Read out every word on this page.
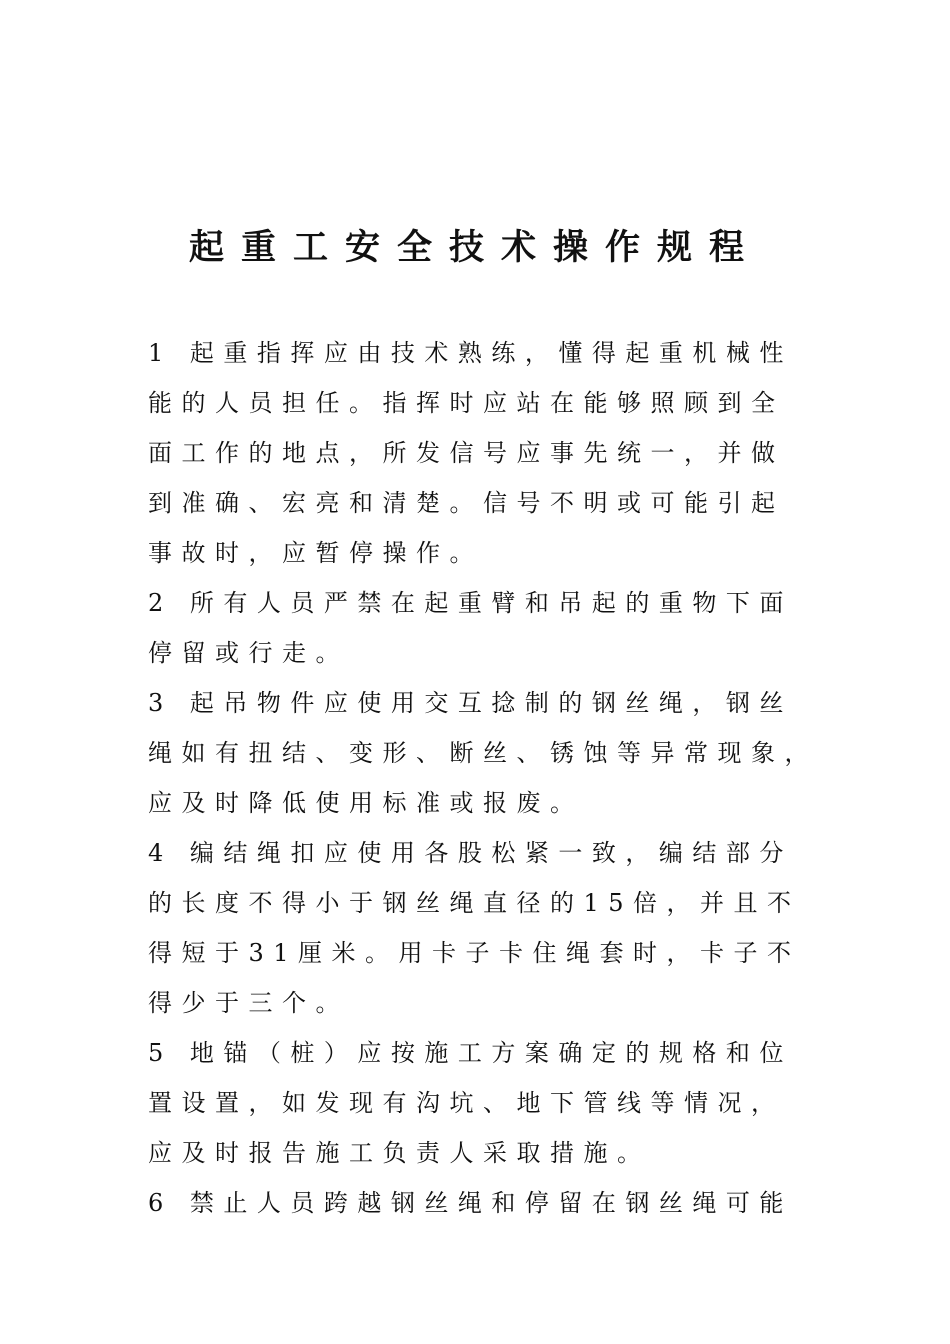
起重工安全技术操作规程
1 起重指挥应由技术熟练，懂得起重机械性
能的人员担任。指挥时应站在能够照顾到全
面工作的地点，所发信号应事先统一，并做
到准确、宏亮和清楚。信号不明或可能引起
事故时，应暂停操作。
2 所有人员严禁在起重臂和吊起的重物下面
停留或行走。
3 起吊物件应使用交互捻制的钢丝绳，钢丝
绳如有扭结、变形、断丝、锈蚀等异常现象，
应及时降低使用标准或报废。
4 编结绳扣应使用各股松紧一致，编结部分
的长度不得小于钢丝绳直径的15倍，并且不
得短于31厘米。用卡子卡住绳套时，卡子不
得少于三个。
5 地锚（桩）应按施工方案确定的规格和位
置设置，如发现有沟坑、地下管线等情况，
应及时报告施工负责人采取措施。
6 禁止人员跨越钢丝绳和停留在钢丝绳可能
